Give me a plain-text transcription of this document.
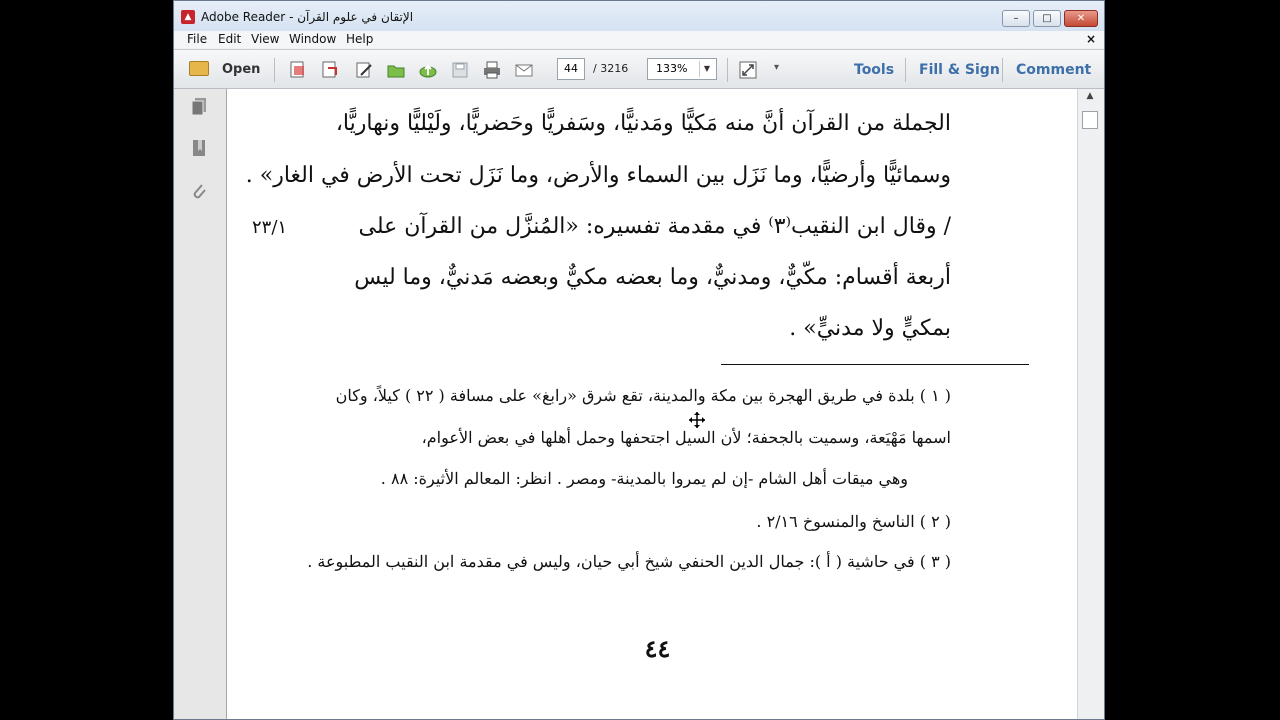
▲ الإتقان في علوم القرآن - Adobe Reader	–	□	✕
File Edit View Window Help	×
Open	44	/ 3216	133%	▼	▾	Tools Fill & Sign Comment
الجملة من القرآن أنَّ منه مَكيًّا ومَدنيًّا، وسَفريًّا وحَضريًّا، ولَيْليًّا ونهاريًّا،
وسمائيًّا وأرضيًّا، وما نَزَل بين السماء والأرض، وما نَزَل تحت الأرض في الغار» .
/ وقال ابن النقيب⁽٣⁾ في مقدمة تفسيره: «المُنزَّل من القرآن على
٢٣/١
أربعة أقسام: مكّيٌّ، ومدنيٌّ، وما بعضه مكيٌّ وبعضه مَدنيٌّ، وما ليس
بمكيٍّ ولا مدنيٍّ» .
( ١ ) بلدة في طريق الهجرة بين مكة والمدينة، تقع شرق «رابغ» على مسافة ( ٢٢ ) كيلاً، وكان
اسمها مَهْيَعة، وسميت بالجحفة؛ لأن السيل اجتحفها وحمل أهلها في بعض الأعوام،
وهي ميقات أهل الشام -إن لم يمروا بالمدينة- ومصر . انظر: المعالم الأثيرة: ٨٨ .
( ٢ ) الناسخ والمنسوخ ٢/١٦ .
( ٣ ) في حاشية ( أ ): جمال الدين الحنفي شيخ أبي حيان، وليس في مقدمة ابن النقيب المطبوعة .
٤٤
▲
